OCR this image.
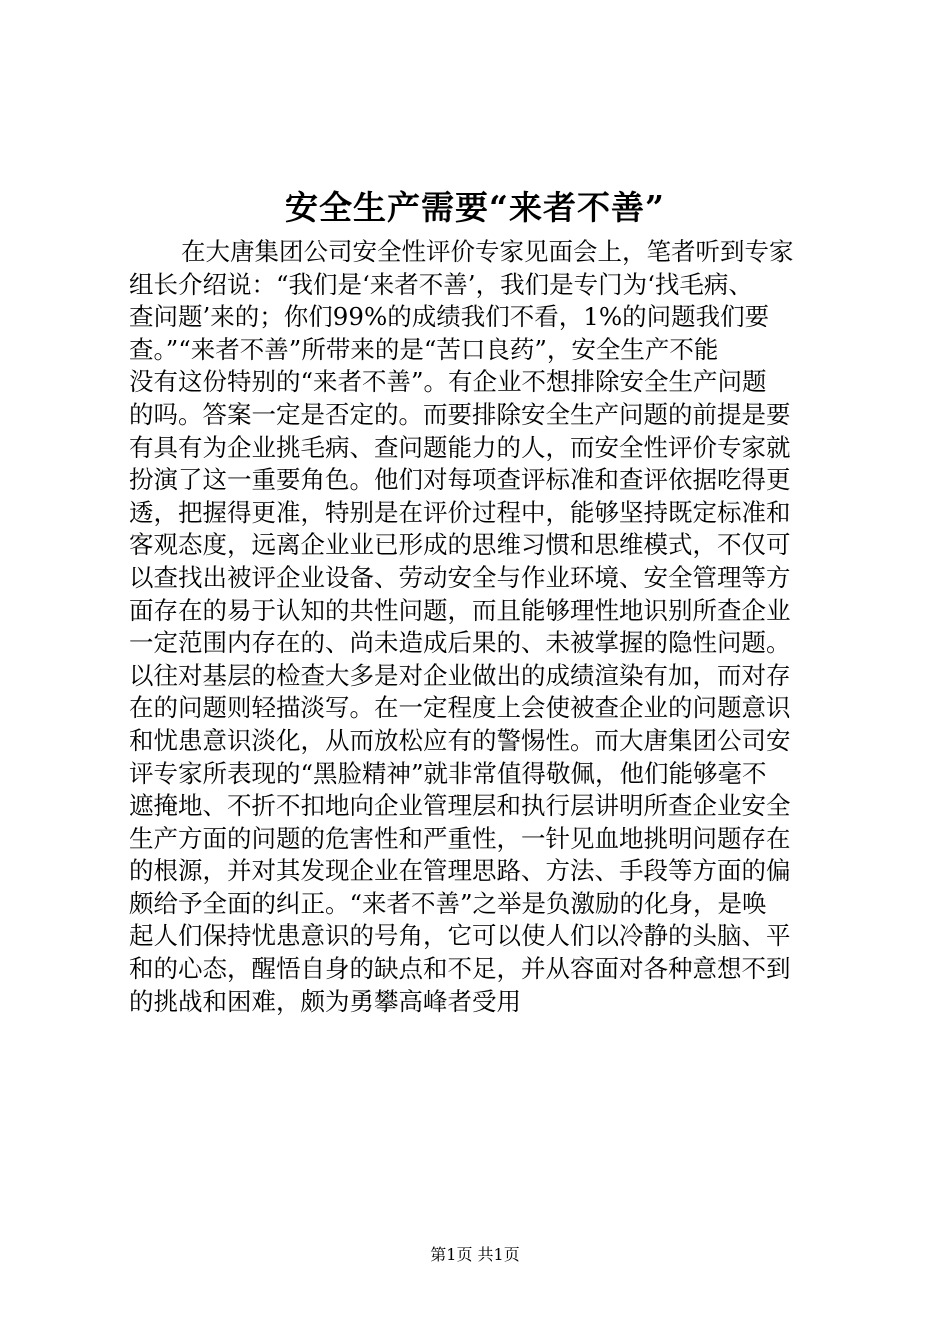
安全生产需要“来者不善”
在大唐集团公司安全性评价专家见面会上，笔者听到专家
组长介绍说：“我们是‘来者不善’，我们是专门为‘找毛病、
查问题’来的；你们99%的成绩我们不看，1%的问题我们要
查。”“来者不善”所带来的是“苦口良药”，安全生产不能
没有这份特别的“来者不善”。有企业不想排除安全生产问题
的吗。答案一定是否定的。而要排除安全生产问题的前提是要
有具有为企业挑毛病、查问题能力的人，而安全性评价专家就
扮演了这一重要角色。他们对每项查评标准和查评依据吃得更
透，把握得更准，特别是在评价过程中，能够坚持既定标准和
客观态度，远离企业业已形成的思维习惯和思维模式，不仅可
以查找出被评企业设备、劳动安全与作业环境、安全管理等方
面存在的易于认知的共性问题，而且能够理性地识别所查企业
一定范围内存在的、尚未造成后果的、未被掌握的隐性问题。
以往对基层的检查大多是对企业做出的成绩渲染有加，而对存
在的问题则轻描淡写。在一定程度上会使被查企业的问题意识
和忧患意识淡化，从而放松应有的警惕性。而大唐集团公司安
评专家所表现的“黑脸精神”就非常值得敬佩，他们能够毫不
遮掩地、不折不扣地向企业管理层和执行层讲明所查企业安全
生产方面的问题的危害性和严重性，一针见血地挑明问题存在
的根源，并对其发现企业在管理思路、方法、手段等方面的偏
颇给予全面的纠正。“来者不善”之举是负激励的化身，是唤
起人们保持忧患意识的号角，它可以使人们以冷静的头脑、平
和的心态，醒悟自身的缺点和不足，并从容面对各种意想不到
的挑战和困难，颇为勇攀高峰者受用
第1页 共1页
